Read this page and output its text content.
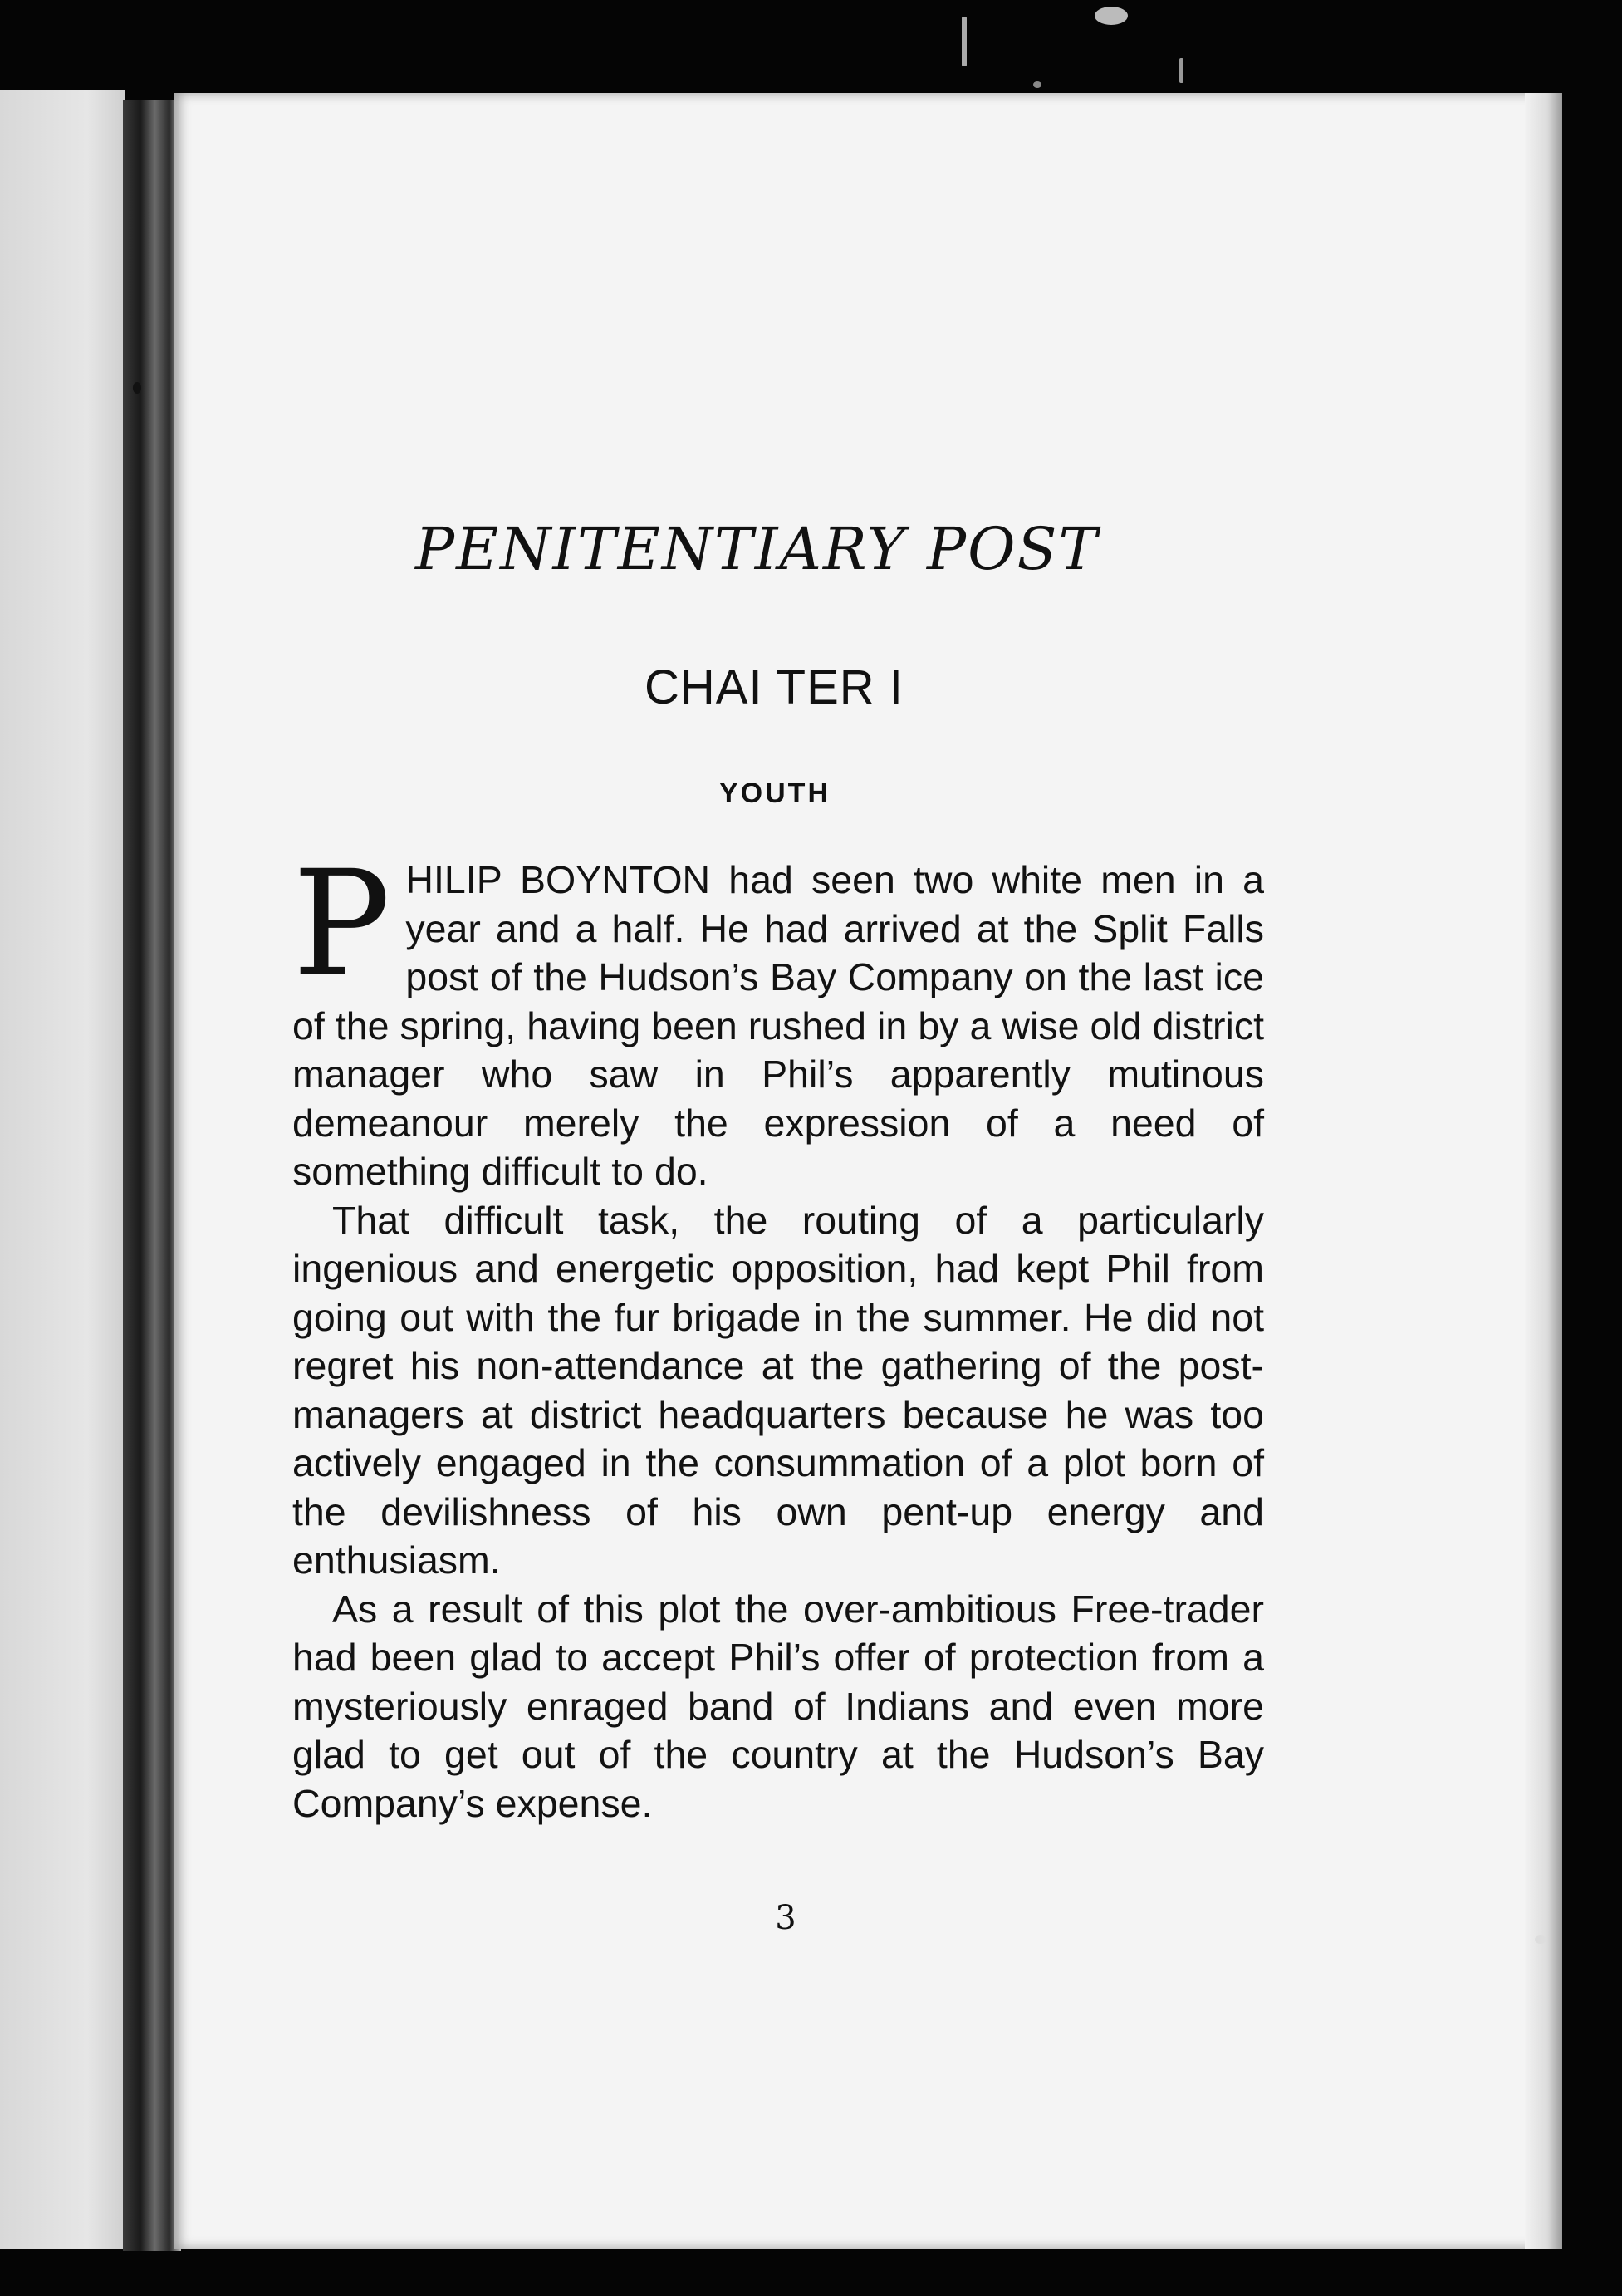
PENITENTIARY POST
CHAI TER I
YOUTH

PHILIP BOYNTON had seen two white men in a year and a half. He had arrived at the Split Falls post of the Hudson’s Bay Company on the last ice of the spring, having been rushed in by a wise old district manager who saw in Phil’s apparently mutinous demeanour merely the expression of a need of something difficult to do.

That difficult task, the routing of a particularly ingenious and energetic opposition, had kept Phil from going out with the fur brigade in the summer. He did not regret his non-attendance at the gathering of the post-managers at district headquarters because he was too actively engaged in the consummation of a plot born of the devilishness of his own pent-up energy and enthusiasm.

As a result of this plot the over-ambitious Free-trader had been glad to accept Phil’s offer of protection from a mysteriously enraged band of Indians and even more glad to get out of the country at the Hudson’s Bay Company’s expense.

3
